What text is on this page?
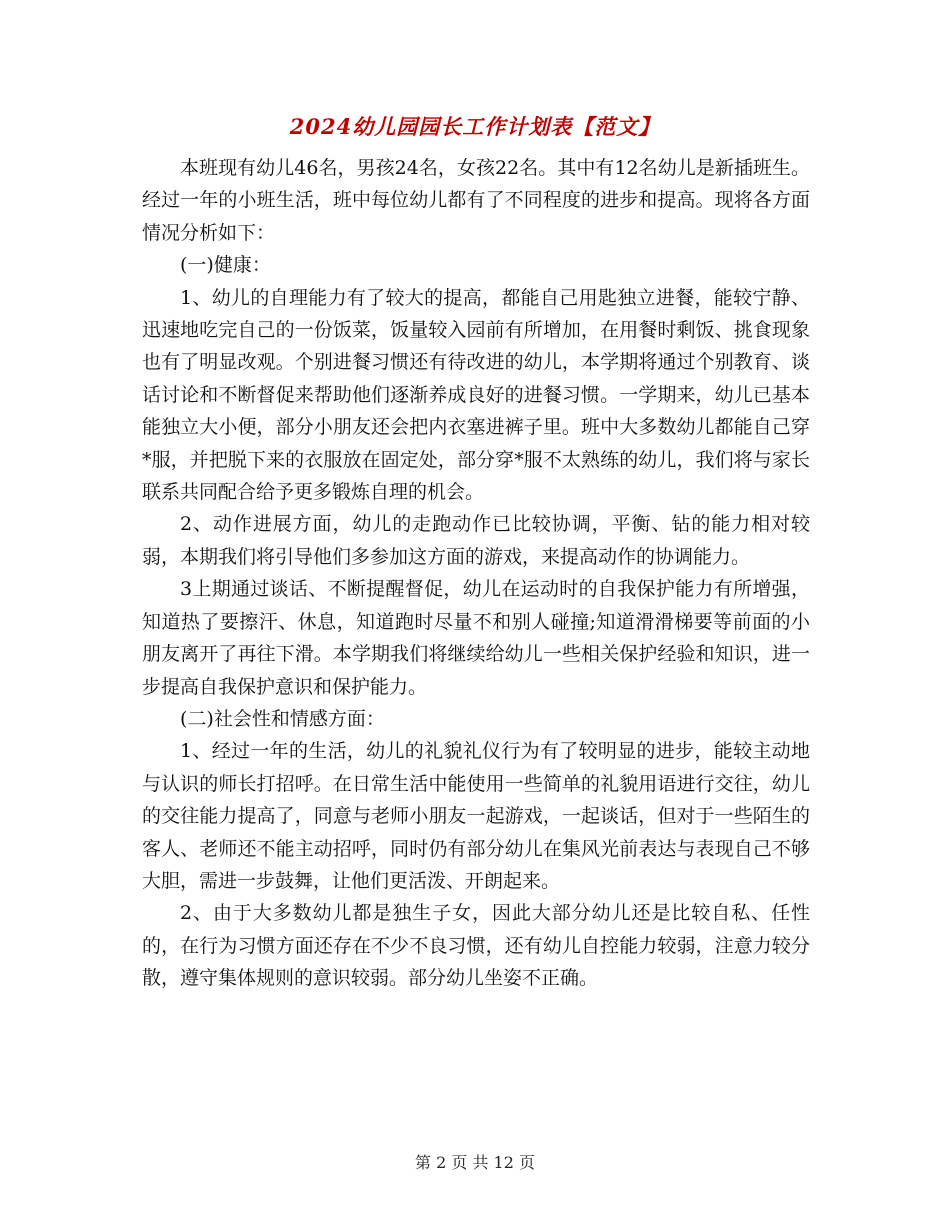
2024幼儿园园长工作计划表【范文】

本班现有幼儿46名，男孩24名，女孩22名。其中有12名幼儿是新插班生。经过一年的小班生活，班中每位幼儿都有了不同程度的进步和提高。现将各方面情况分析如下：

(一)健康：

1、幼儿的自理能力有了较大的提高，都能自己用匙独立进餐，能较宁静、迅速地吃完自己的一份饭菜，饭量较入园前有所增加，在用餐时剩饭、挑食现象也有了明显改观。个别进餐习惯还有待改进的幼儿，本学期将通过个别教育、谈话讨论和不断督促来帮助他们逐渐养成良好的进餐习惯。一学期来，幼儿已基本能独立大小便，部分小朋友还会把内衣塞进裤子里。班中大多数幼儿都能自己穿*服，并把脱下来的衣服放在固定处，部分穿*服不太熟练的幼儿，我们将与家长联系共同配合给予更多锻炼自理的机会。

2、动作进展方面，幼儿的走跑动作已比较协调，平衡、钻的能力相对较弱，本期我们将引导他们多参加这方面的游戏，来提高动作的协调能力。

3上期通过谈话、不断提醒督促，幼儿在运动时的自我保护能力有所增强，知道热了要擦汗、休息，知道跑时尽量不和别人碰撞;知道滑滑梯要等前面的小朋友离开了再往下滑。本学期我们将继续给幼儿一些相关保护经验和知识，进一步提高自我保护意识和保护能力。

(二)社会性和情感方面：

1、经过一年的生活，幼儿的礼貌礼仪行为有了较明显的进步，能较主动地与认识的师长打招呼。在日常生活中能使用一些简单的礼貌用语进行交往，幼儿的交往能力提高了，同意与老师小朋友一起游戏，一起谈话，但对于一些陌生的客人、老师还不能主动招呼，同时仍有部分幼儿在集风光前表达与表现自己不够大胆，需进一步鼓舞，让他们更活泼、开朗起来。

2、由于大多数幼儿都是独生子女，因此大部分幼儿还是比较自私、任性的，在行为习惯方面还存在不少不良习惯，还有幼儿自控能力较弱，注意力较分散，遵守集体规则的意识较弱。部分幼儿坐姿不正确。

第 2 页 共 12 页
